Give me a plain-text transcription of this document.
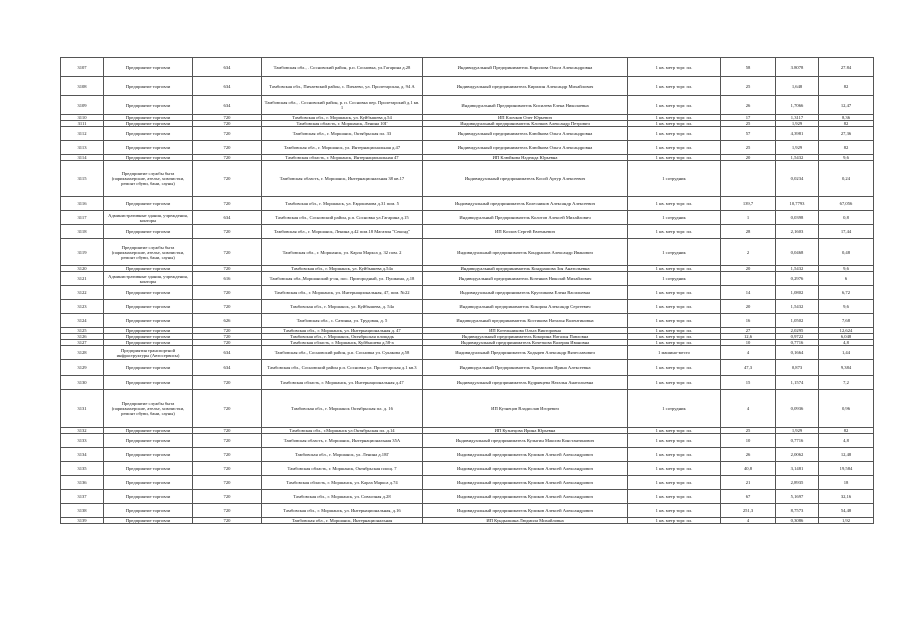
3107	Предприятие торговли	634	Тамбовская обл., . Сосновский район, р.п. Сосновка, ул.Гагарина д.28	Индивидуальный Предприниматель Кирилова Ольга Александровна	1 кв. метр торг. пл.	58	3.8078	27.84
3108	Предприятие торговли	634	Тамбовская обл., Пичаевский район, с. Пичаево, ул. Пролетарская, д. 94 А	Индивидуальный предприниматель Кирилин Александр Михайлович	1 кв. метр торг. пл.	25	1,648	82
3109	Предприятие торговли	634	Тамбовская обл., . Сосновский район, р. п. Сосновка пер. Пролетарский д.1 кв. 1	Индивидуальный Предприниматель Кисилева Елена Николаевна	1 кв. метр торг. пл.	26	1,7066	12,47
3110	Предприятие торговли	720	Тамбовская обл., г. Моршанск, ул. Куйбышева д.54	ИП Клочков Олег Юрьевич	1 кв. метр торг. пл.	17	1,3117	8,36
3111	Предприятие торговли	720	Тамбовская область, г. Моршанск, Ленина 10Г	Индивидуальный предприниматель Клочков Александр Петрович	1 кв. метр торг. пл.	25	1,929	82
3112	Предприятие торговли	720	Тамбовская обл., г. Моршанск, Октябрьская пл. 33	Индивидуальный предприниматель Клюйкова Ольга Александровна	1 кв. метр торг. пл.	57	4,3981	27,36
3113	Предприятие торговли	720	Тамбовская обл., г. Моршанск, ул. Интернациональная д.47	Индивидуальный предприниматель Клюйкова Ольга Александровна	1 кв. метр торг. пл.	25	1,929	82
3114	Предприятие торговли	720	Тамбовская область, г. Моршанск, Интернациональная 47	ИП Клюйкова Надежда Юрьевна	1 кв. метр торг. пл.	20	1,5432	9,6
3115	Предприятие службы быта (парикмахерские, ателье, химчистки, ремонт обуви, бани, сауны)	720	Тамбовская область, г. Моршанск, Интернациональная 38 кв.17	Индивидуальный предприниматель Косой Артур Алексеевич	1 сотрудник		0,0234	0,24
3116	Предприятие торговли	720	Тамбовская обл., г. Моршанск, ул. Евдокимова д.31 пом. 5	Индивидуальный предприниматель Колесников Александр Алексеевич	1 кв. метр торг. пл.	139,7	10,7793	67,056
3117	Административные здания, учреждения, конторы	634	Тамбовская обл., Сосновский район, р.п. Сосновка ул.Гагарина д.15	Индивидуальный Предприниматель Колотов Алексей Михайлович	1 сотрудник	1	0,0398	0,8
3118	Предприятие торговли	720	Тамбовская обл., г. Моршанск, Ленина д.42 пом.18 Магазин "Секонд"	ИП Козлов Сергей Евгеньевич	1 кв. метр торг. пл.	28	2,1603	17,44
3119	Предприятие службы быта (парикмахерские, ателье, химчистки, ремонт обуви, бани, сауны)	720	Тамбовская обл., г. Моршанск, ул. Карла Маркса д. 32 пом. 2	Индивидуальный предприниматель Кондрашов Александр Иванович	1 сотрудник	2	0,0468	0,48
3120	Предприятие торговли	720	Тамбовская обл., г. Моршанск, ул. Куйбышева д.54а	Индивидуальный предприниматель Кондрашова Зоя Анатольевна	1 кв. метр торг. пл.	20	1,5432	9,6
3121	Административные здания, учреждения, конторы	616	Тамбовская обл.,Моршанский р-он, пос. Пригородный, ул. Пушкина, д.18	Индивидуальный предприниматель Козенков Николай Михайлович	1 сотрудник		0,2976	6
3122	Предприятие торговли	720	Тамбовская обл., г. Моршанск, ул. Интернациональная, 47, пом. №22	Индивидуальный предприниматель Кругликова Елена Васильевна	1 кв. метр торг. пл.	14	1,0802	6,72
3123	Предприятие торговли	720	Тамбовская обл., г. Моршанск, ул. Куйбышева, д. 54а	Индивидуальный предприниматель Кокорин Александр Сергеевич	1 кв. метр торг. пл.	20	1,5432	9,6
3124	Предприятие торговли	626	Тамбовская обл., с. Сатинка, ул. Трудовая, д. 5	Индивидуальный предприниматель Костикова Наталья Валентиновна	1 кв. метр торг. пл.	16	1,0502	7,68
3125	Предприятие торговли	720	Тамбовская обл., г. Моршанск, ул. Интернациональная д. 47	ИП Котельникова Ольга Викторовна	1 кв. метр торг. пл.	27	2,0295	12,624
3126	Предприятие торговли	720	Тамбовская обл., г. Моршанск, Октябрьская площадь	Индивидуальный предприниматель Кокорина Наталья Павловна	1 кв. метр торг. пл.	12,6	0,9722	6,048
3127	Предприятие торговли	720	Тамбовская область, г. Моршанск, Куйбышева д.58-а	Индивидуальный предприниматель Кочеткова Валерия Ивановна	1 кв. метр торг. пл.	10	0,7716	4,8
3128	Предприятия транспортной инфраструктуры (Автосервисы)	634	Тамбовская обл., Сосновский район, р.п. Сосновка ул. Сукакова д.58	Индивидуальный Предприниматель Ходырев Александр Вячеславович	1 машино-место	4	0,1664	1,44
3129	Предприятие торговли	634	Тамбовская обл., Сосновский район р.п. Сосновка ул. Пролетарская д.1 кв.3	Индивидуальный Предприниматель Хромихова Ирина Алексеевна	1 кв. метр торг. пл.	47,3	0,873	9,384
3130	Предприятие торговли	720	Тамбовская область, г. Моршанск, ул. Интернациональная д.47	Индивидуальный предприниматель Кудрявцева Наталья Анатольевна	1 кв. метр торг. пл.	15	1,1574	7,2
3131	Предприятие службы быта (парикмахерские, ателье, химчистки, ремонт обуви, бани, сауны)	720	Тамбовская обл., г. Моршанск Октябрьская пл. д. 16	ИП Кузнецов Владислав Игоревич	1 сотрудник	4	0,0936	0,96
3132	Предприятие торговли	720	Тамбовская обл., г.Моршанск ул.Октябрьская пл. д.14	ИП Кузнецова Ирина Юрьевна	1 кв. метр торг. пл.	25	1,929	82
3133	Предприятие торговли	720	Тамбовская область, г. Моршанск, Интернациональная 35А	Индивидуальный предприниматель Кулыгин Максим Константинович	1 кв. метр торг. пл.	10	0,7716	4,8
3134	Предприятие торговли	720	Тамбовская обл., г. Моршанск, ул. Ленина д.18Г	Индивидуальный предприниматель Куликов Алексей Александрович	1 кв. метр торг. пл.	26	2,0062	12,48
3135	Предприятие торговли	720	Тамбовская область, г. Моршанск, Октябрьская площ. 7	Индивидуальный предприниматель Куликов Алексей Александрович	1 кв. метр торг. пл.	40,8	3,1481	19,584
3136	Предприятие торговли	720	Тамбовская область, г. Моршанск, ул. Карла Маркса д.74	Индивидуальный предприниматель Куликов Алексей Александрович	1 кв. метр торг. пл.	21	2,8935	18
3137	Предприятие торговли	720	Тамбовская обл., г. Моршанск, ул. Совхозная д.28	Индивидуальный предприниматель Куликов Алексей Александрович	1 кв. метр торг. пл.	67	5,1697	32,16
3138	Предприятие торговли	720	Тамбовская обл., г. Моршанск, ул. Интернациональная, д.16	Индивидуальный предприниматель Куликов Алексей Александрович	1 кв. метр торг. пл.	251,3	8,7573	54,48
3139	Предприятие торговли	720	Тамбовская обл., г. Моршанск, Интернациональная	ИП Кундылкина Людмила Михайловна	1 кв. метр торг. пл.	4	0,3086	1,92
